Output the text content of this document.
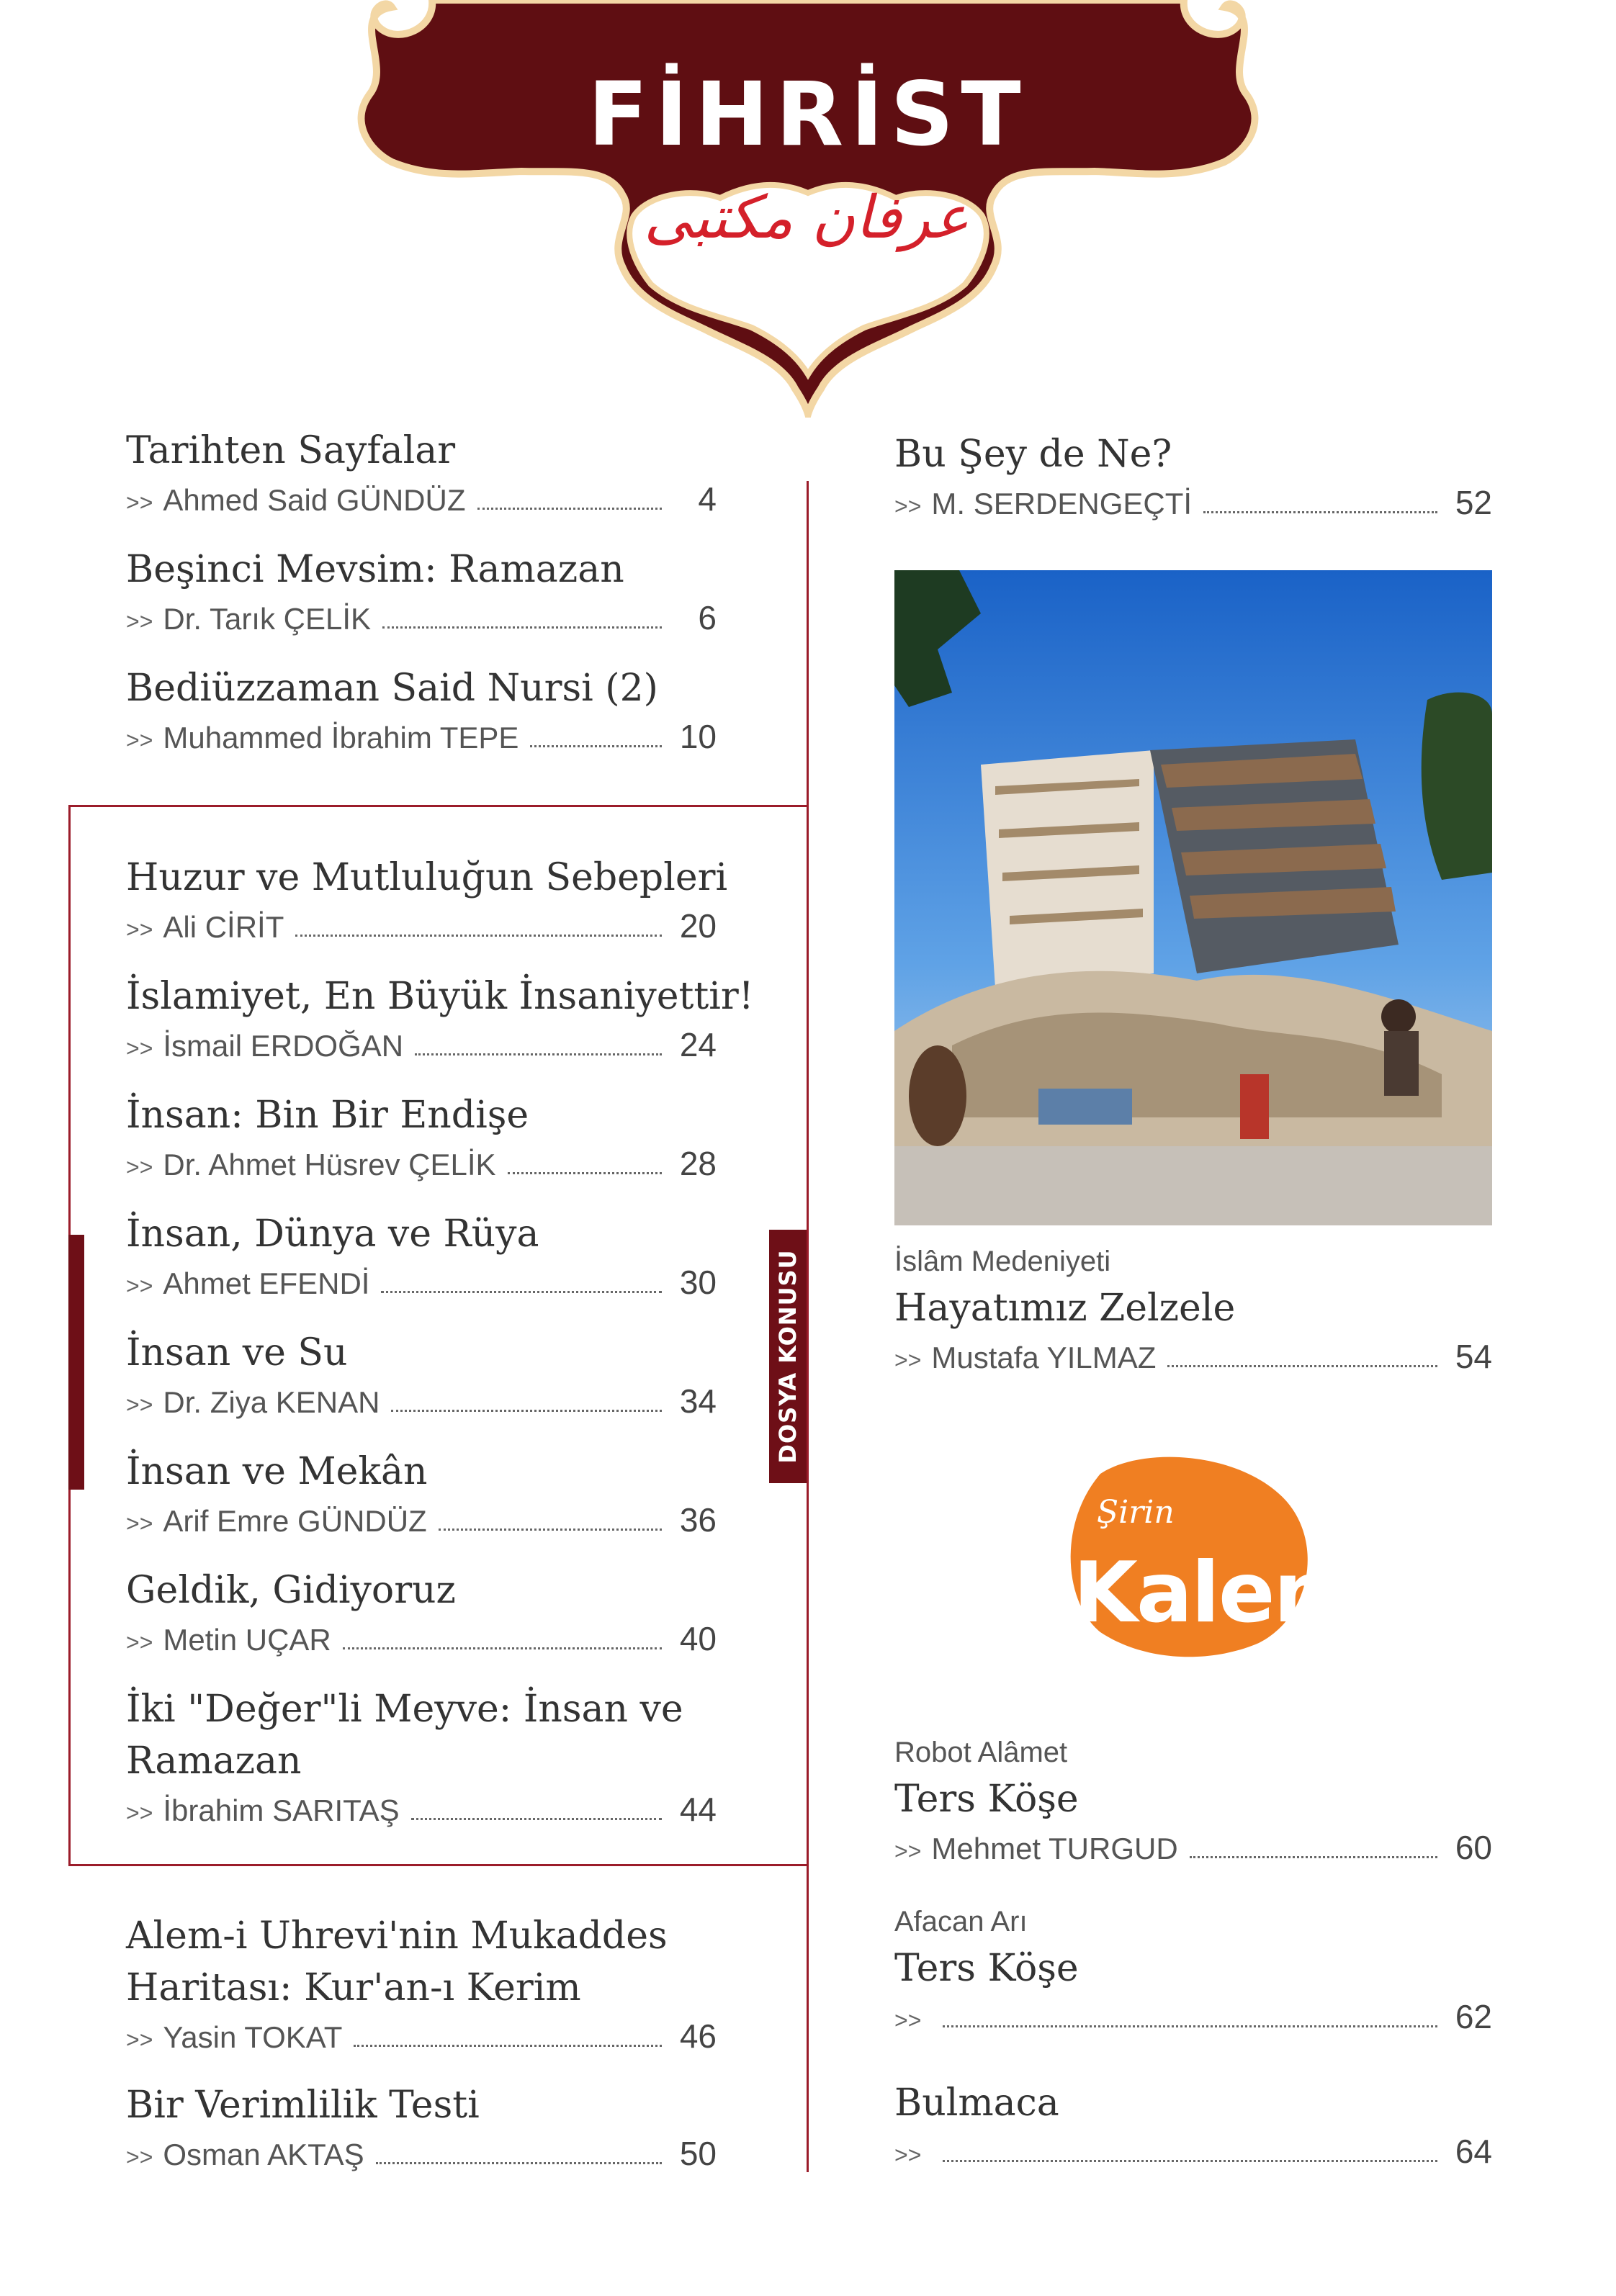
FİHRİST
عرفان مكتبى
DOSYA KONUSU
Tarihten Sayfalar
>> Ahmed Said GÜNDÜZ	4
Beşinci Mevsim: Ramazan
>> Dr. Tarık ÇELİK	6
Bediüzzaman Said Nursi (2)
>> Muhammed İbrahim TEPE	10
Huzur ve Mutluluğun Sebepleri
>> Ali CİRİT	20
İslamiyet, En Büyük İnsaniyettir!
>> İsmail ERDOĞAN	24
İnsan: Bin Bir Endişe
>> Dr. Ahmet Hüsrev ÇELİK	28
İnsan, Dünya ve Rüya
>> Ahmet EFENDİ	30
İnsan ve Su
>> Dr. Ziya KENAN	34
İnsan ve Mekân
>> Arif Emre GÜNDÜZ	36
Geldik, Gidiyoruz
>> Metin UÇAR	40
İki "Değer"li Meyve: İnsan ve
Ramazan
>> İbrahim SARITAŞ	44
Alem-i Uhrevi'nin Mukaddes
Haritası: Kur'an-ı Kerim
>> Yasin TOKAT	46
Bir Verimlilik Testi
>> Osman AKTAŞ	50
Bu Şey de Ne?
>> M. SERDENGEÇTİ	52
İslâm Medeniyeti
Hayatımız Zelzele
>> Mustafa YILMAZ	54
Şirin
Kalem
Robot Alâmet
Ters Köşe
>> Mehmet TURGUD	60
Afacan Arı
Ters Köşe
>>	62
Bulmaca
>>	64
